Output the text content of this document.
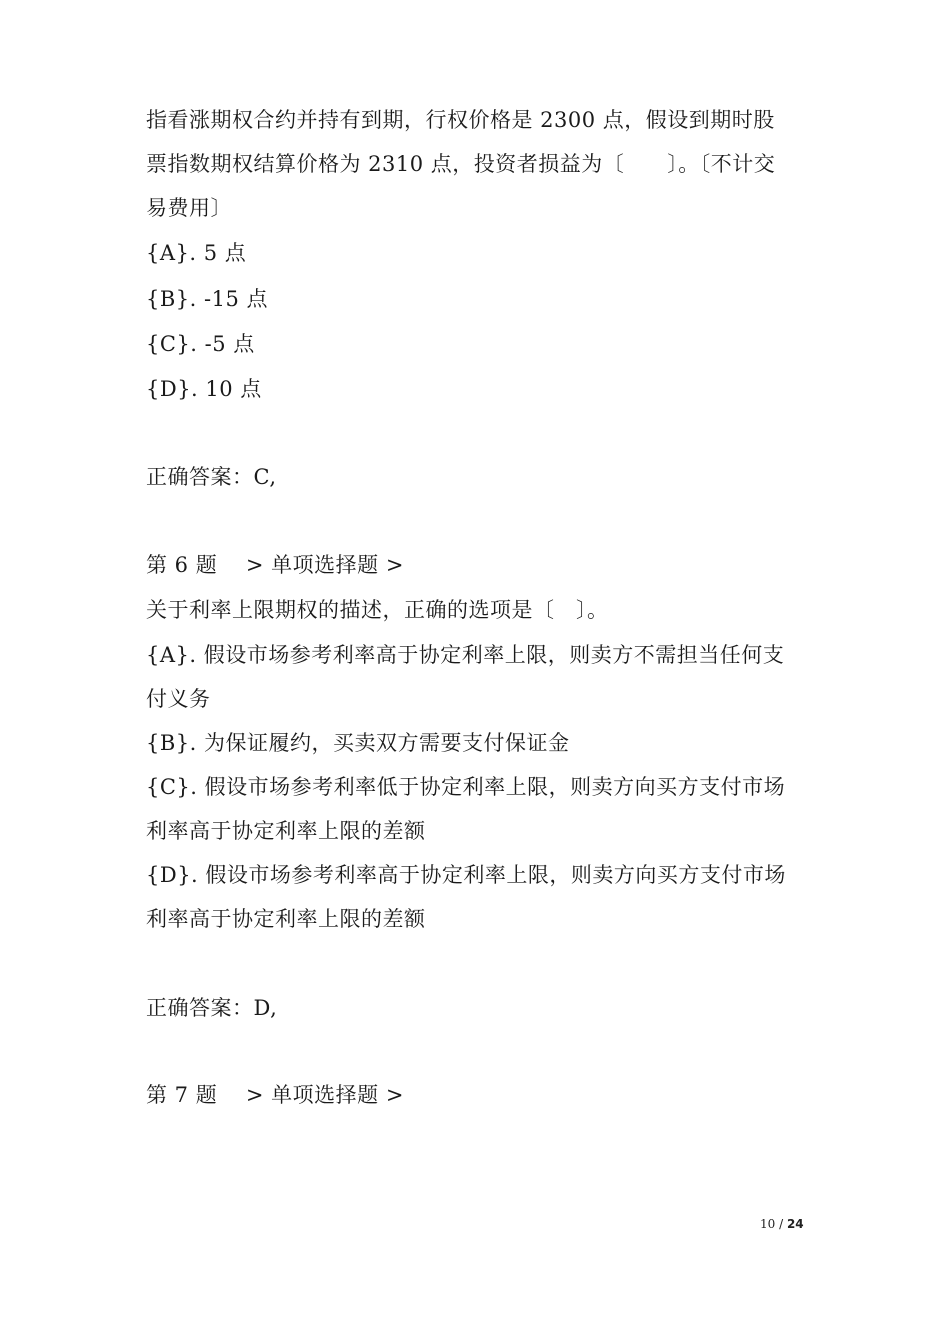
指看涨期权合约并持有到期，行权价格是 2300 点，假设到期时股
票指数期权结算价格为 2310 点，投资者损益为〔　　〕。〔不计交
易费用〕
{A}. 5 点
{B}. -15 点
{C}. -5 点
{D}. 10 点
正确答案：C,
第 6 题　 > 单项选择题 >
关于利率上限期权的描述，正确的选项是〔　〕。
{A}. 假设市场参考利率高于协定利率上限，则卖方不需担当任何支
付义务
{B}. 为保证履约，买卖双方需要支付保证金
{C}. 假设市场参考利率低于协定利率上限，则卖方向买方支付市场
利率高于协定利率上限的差额
{D}. 假设市场参考利率高于协定利率上限，则卖方向买方支付市场
利率高于协定利率上限的差额
正确答案：D,
第 7 题　 > 单项选择题 >
10 / 24
